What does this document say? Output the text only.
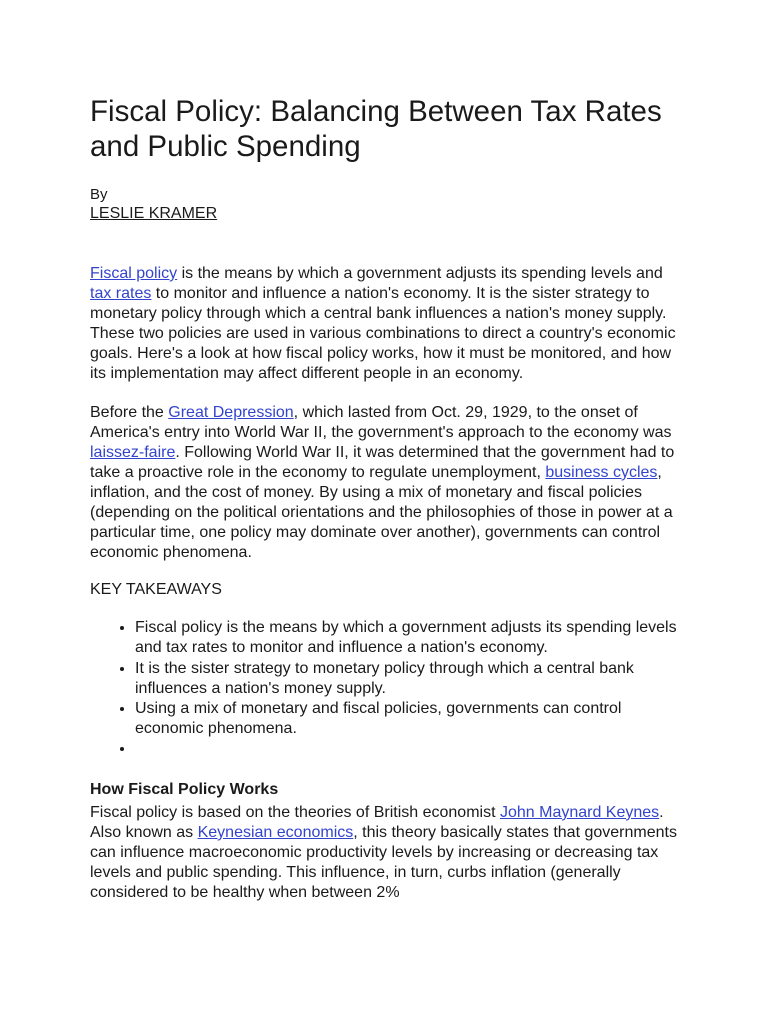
Fiscal Policy: Balancing Between Tax Rates and Public Spending
By
LESLIE KRAMER

Fiscal policy is the means by which a government adjusts its spending levels and tax rates to monitor and influence a nation's economy. It is the sister strategy to monetary policy through which a central bank influences a nation's money supply. These two policies are used in various combinations to direct a country's economic goals. Here's a look at how fiscal policy works, how it must be monitored, and how its implementation may affect different people in an economy.

Before the Great Depression, which lasted from Oct. 29, 1929, to the onset of America's entry into World War II, the government's approach to the economy was laissez-faire. Following World War II, it was determined that the government had to take a proactive role in the economy to regulate unemployment, business cycles, inflation, and the cost of money. By using a mix of monetary and fiscal policies (depending on the political orientations and the philosophies of those in power at a particular time, one policy may dominate over another), governments can control economic phenomena.

KEY TAKEAWAYS
• Fiscal policy is the means by which a government adjusts its spending levels and tax rates to monitor and influence a nation's economy.
• It is the sister strategy to monetary policy through which a central bank influences a nation's money supply.
• Using a mix of monetary and fiscal policies, governments can control economic phenomena.
•
How Fiscal Policy Works

Fiscal policy is based on the theories of British economist John Maynard Keynes. Also known as Keynesian economics, this theory basically states that governments can influence macroeconomic productivity levels by increasing or decreasing tax levels and public spending. This influence, in turn, curbs inflation (generally considered to be healthy when between 2%
